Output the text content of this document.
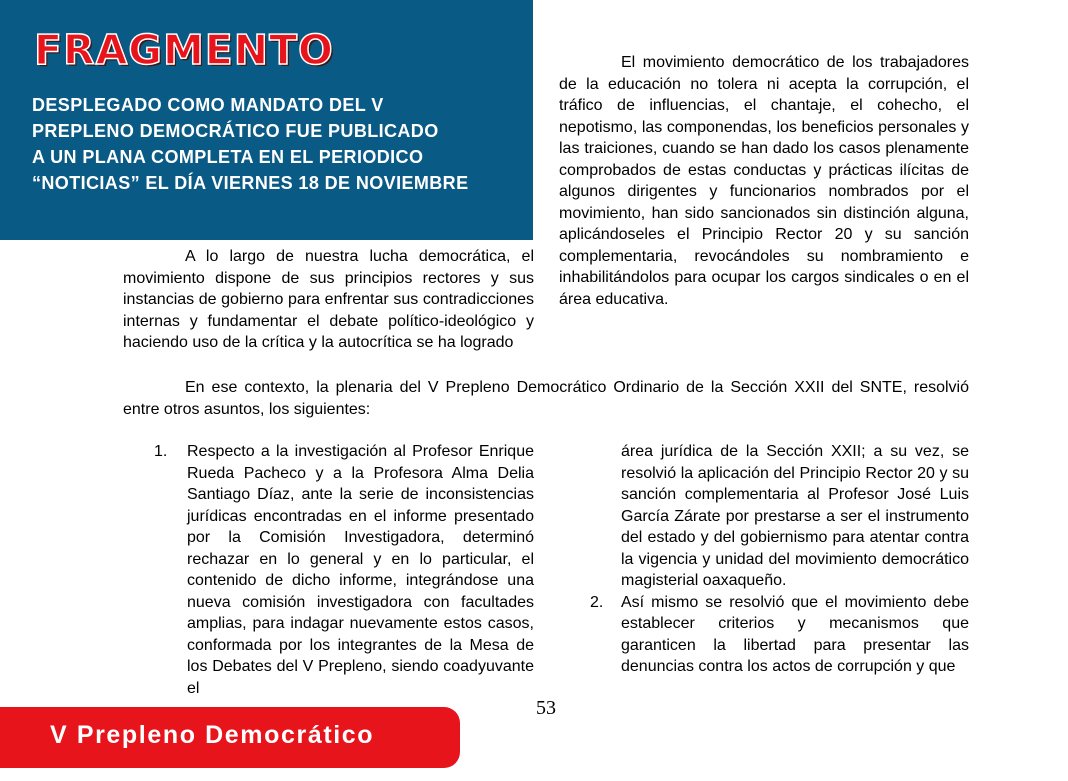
FRAGMENTO
DESPLEGADO COMO MANDATO DEL V
PREPLENO DEMOCRÁTICO FUE PUBLICADO
A UN PLANA COMPLETA EN EL PERIODICO
“NOTICIAS” EL DÍA VIERNES 18 DE NOVIEMBRE

El movimiento democrático de los trabajadores de la educación no tolera ni acepta la corrupción, el tráfico de influencias, el chantaje, el cohecho, el nepotismo, las componendas, los beneficios personales y las traiciones, cuando se han dado los casos plenamente comprobados de estas conductas y prácticas ilícitas de algunos dirigentes y funcionarios nombrados por el movimiento, han sido sancionados sin distinción alguna, aplicándoseles el Principio Rector 20 y su sanción complementaria, revocándoles su nombramiento e inhabilitándolos para ocupar los cargos sindicales o en el área educativa.

A lo largo de nuestra lucha democrática, el movimiento dispone de sus principios rectores y sus instancias de gobierno para enfrentar sus contradicciones internas y fundamentar el debate político-ideológico y haciendo uso de la crítica y la autocrítica se ha logrado

En ese contexto, la plenaria del V Prepleno Democrático Ordinario de la Sección XXII del SNTE, resolvió entre otros asuntos, los siguientes:

1. Respecto a la investigación al Profesor Enrique Rueda Pacheco y a la Profesora Alma Delia Santiago Díaz, ante la serie de inconsistencias jurídicas encontradas en el informe presentado por la Comisión Investigadora, determinó rechazar en lo general y en lo particular, el contenido de dicho informe, integrándose una nueva comisión investigadora con facultades amplias, para indagar nuevamente estos casos, conformada por los integrantes de la Mesa de los Debates del V Prepleno, siendo coadyuvante el
área jurídica de la Sección XXII; a su vez, se resolvió la aplicación del Principio Rector 20 y su sanción complementaria al Profesor José Luis García Zárate por prestarse a ser el instrumento del estado y del gobiernismo para atentar contra la vigencia y unidad del movimiento democrático magisterial oaxaqueño.
2. Así mismo se resolvió que el movimiento debe establecer criterios y mecanismos que garanticen la libertad para presentar las denuncias contra los actos de corrupción y que
53
V Prepleno Democrático
